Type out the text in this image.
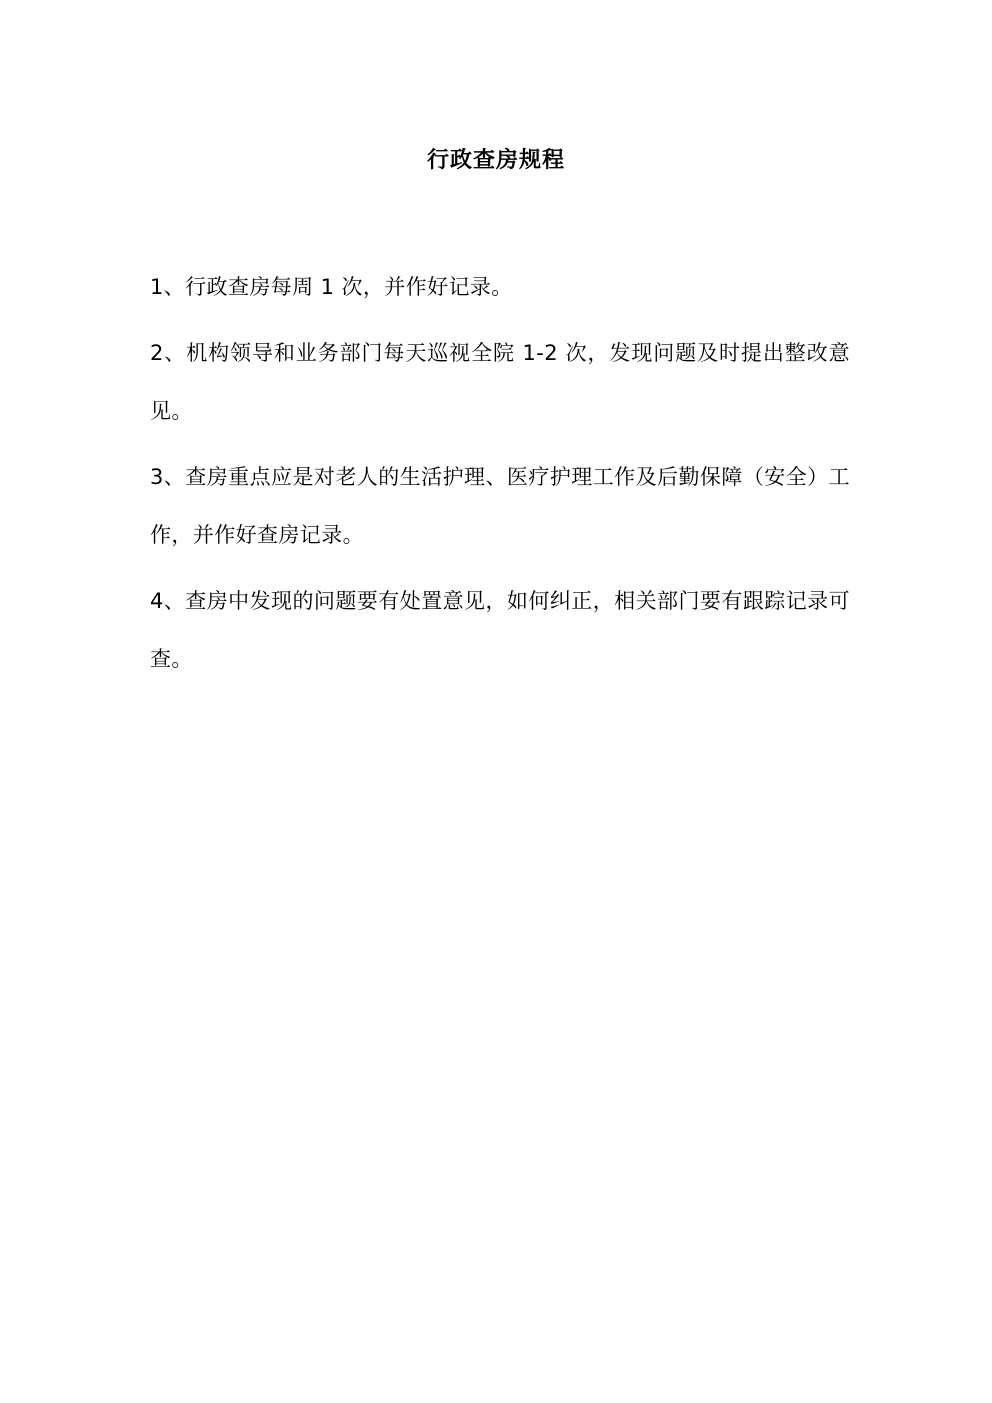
行政查房规程

1、行政查房每周 1 次，并作好记录。

2、机构领导和业务部门每天巡视全院 1-2 次，发现问题及时提出整改意见。

3、查房重点应是对老人的生活护理、医疗护理工作及后勤保障（安全）工作，并作好查房记录。

4、查房中发现的问题要有处置意见，如何纠正，相关部门要有跟踪记录可查。
